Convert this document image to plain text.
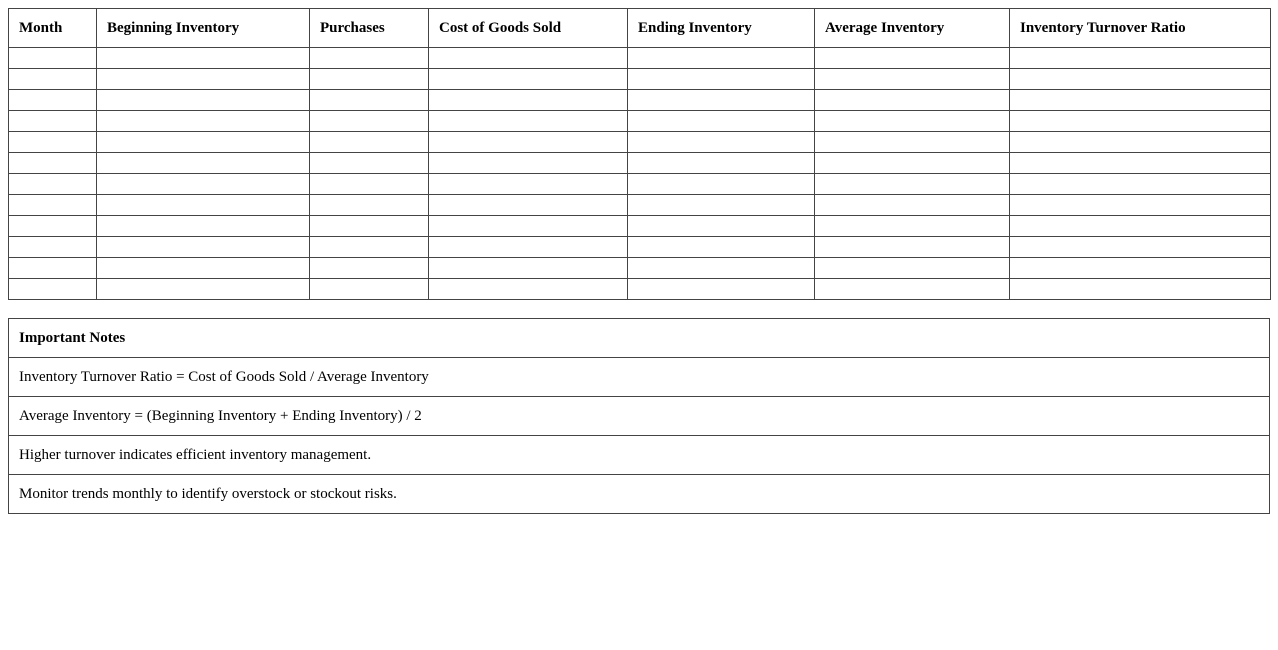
Month	Beginning Inventory	Purchases	Cost of Goods Sold	Ending Inventory	Average Inventory	Inventory Turnover Ratio

Important Notes
Inventory Turnover Ratio = Cost of Goods Sold / Average Inventory
Average Inventory = (Beginning Inventory + Ending Inventory) / 2
Higher turnover indicates efficient inventory management.
Monitor trends monthly to identify overstock or stockout risks.
